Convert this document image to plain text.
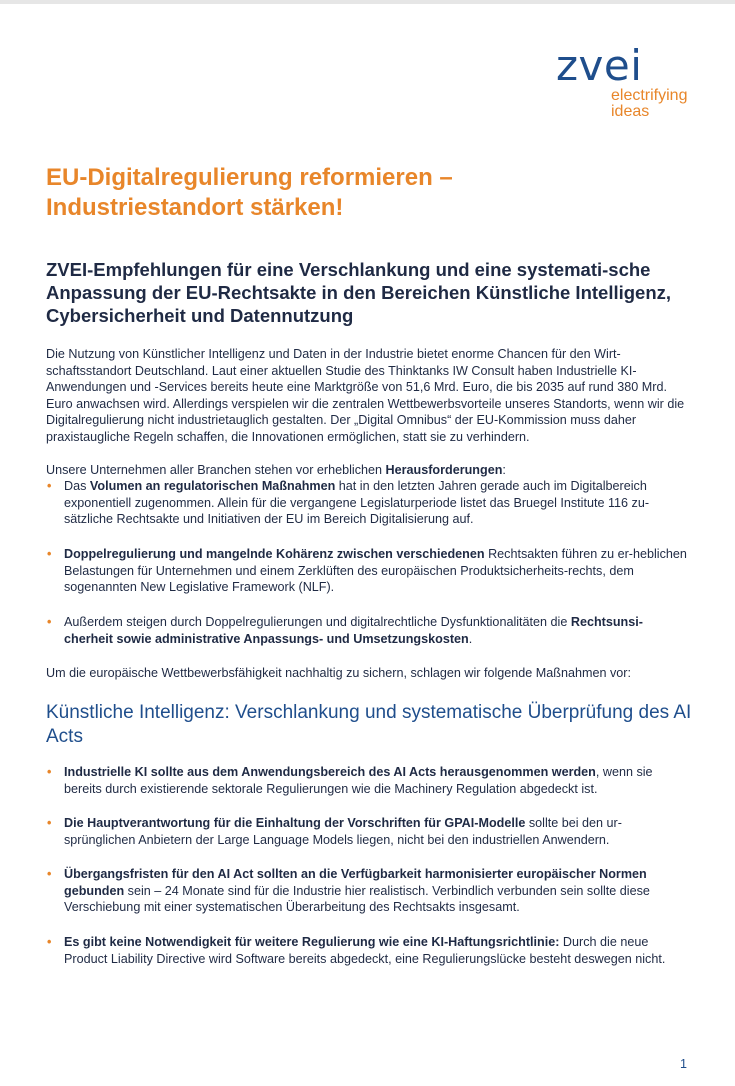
zvei
electrifying
ideas
EU-Digitalregulierung reformieren –
Industriestandort stärken!
ZVEI-Empfehlungen für eine Verschlankung und eine systemati-sche Anpassung der EU-Rechtsakte in den Bereichen Künstliche Intelligenz, Cybersicherheit und Datennutzung
Die Nutzung von Künstlicher Intelligenz und Daten in der Industrie bietet enorme Chancen für den Wirt-schaftsstandort Deutschland. Laut einer aktuellen Studie des Thinktanks IW Consult haben Industrielle KI-Anwendungen und -Services bereits heute eine Marktgröße von 51,6 Mrd. Euro, die bis 2035 auf rund 380 Mrd. Euro anwachsen wird. Allerdings verspielen wir die zentralen Wettbewerbsvorteile unseres Standorts, wenn wir die Digitalregulierung nicht industrietauglich gestalten. Der „Digital Omnibus“ der EU-Kommission muss daher praxistaugliche Regeln schaffen, die Innovationen ermöglichen, statt sie zu verhindern.
Unsere Unternehmen aller Branchen stehen vor erheblichen Herausforderungen:
• Das Volumen an regulatorischen Maßnahmen hat in den letzten Jahren gerade auch im Digitalbereich exponentiell zugenommen. Allein für die vergangene Legislaturperiode listet das Bruegel Institute 116 zu-sätzliche Rechtsakte und Initiativen der EU im Bereich Digitalisierung auf.
• Doppelregulierung und mangelnde Kohärenz zwischen verschiedenen Rechtsakten führen zu er-heblichen Belastungen für Unternehmen und einem Zerklüften des europäischen Produktsicherheits-rechts, dem sogenannten New Legislative Framework (NLF).
• Außerdem steigen durch Doppelregulierungen und digitalrechtliche Dysfunktionalitäten die Rechtsunsi-cherheit sowie administrative Anpassungs- und Umsetzungskosten.
Um die europäische Wettbewerbsfähigkeit nachhaltig zu sichern, schlagen wir folgende Maßnahmen vor:
Künstliche Intelligenz: Verschlankung und systematische Überprüfung des AI Acts
• Industrielle KI sollte aus dem Anwendungsbereich des AI Acts herausgenommen werden, wenn sie bereits durch existierende sektorale Regulierungen wie die Machinery Regulation abgedeckt ist.
• Die Hauptverantwortung für die Einhaltung der Vorschriften für GPAI-Modelle sollte bei den ur-sprünglichen Anbietern der Large Language Models liegen, nicht bei den industriellen Anwendern.
• Übergangsfristen für den AI Act sollten an die Verfügbarkeit harmonisierter europäischer Normen gebunden sein – 24 Monate sind für die Industrie hier realistisch. Verbindlich verbunden sein sollte diese Verschiebung mit einer systematischen Überarbeitung des Rechtsakts insgesamt.
• Es gibt keine Notwendigkeit für weitere Regulierung wie eine KI-Haftungsrichtlinie: Durch die neue Product Liability Directive wird Software bereits abgedeckt, eine Regulierungslücke besteht deswegen nicht.
1
